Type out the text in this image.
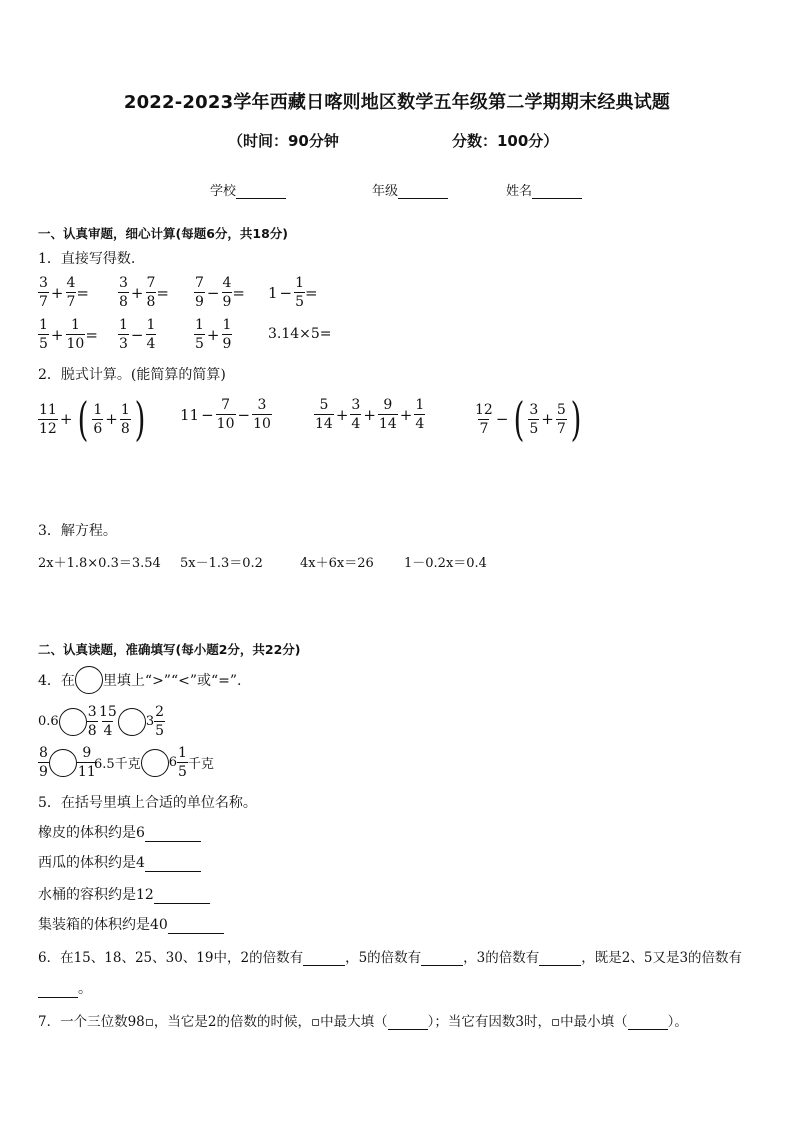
2022-2023学年西藏日喀则地区数学五年级第二学期期末经典试题
（时间：90分钟	分数：100分）
学校	年级	姓名
一、认真审题，细心计算(每题6分，共18分)
1．直接写得数.
$\frac{3}{7} + \frac{4}{7} = \frac{3}{8} + \frac{7}{8} = \frac{7}{9} - \frac{4}{9} = 1 - \frac{1}{5}$ =
$\frac{1}{5} + \frac{1}{10} = \frac{1}{3} - \frac{1}{4}$	$\frac{1}{5} + \frac{1}{9}$	3.14×5=
2．脱式计算。(能简算的简算)
$\frac{11}{12}$ + ( $\frac{1}{6} + \frac{1}{8}$ ) $11 - \frac{7}{10} - \frac{3}{10}$	$\frac{5}{14} + \frac{3}{4} + \frac{9}{14} + \frac{1}{4}$	$\frac{12}{7}$ − ( $\frac{3}{5} + \frac{5}{7}$ )
3．解方程。
2x＋1.8×0.3＝3.54 5x－1.3＝0.2	4x＋6x＝26 1－0.2x＝0.4
二、认真读题，准确填写(每小题2分，共22分)
4．在 里填上“>”“<”或“=”.
$0.6 \frac{3}{8} \frac{15}{4} 3 \frac{2}{5}$
$\frac{8}{9} \frac{9}{11}$
6.5千克 $6 \frac{1}{5}$ 千克
5．在括号里填上合适的单位名称。
橡皮的体积约是6
西瓜的体积约是4
水桶的容积约是12
集装箱的体积约是40
6．在15、18、25、30、19中，2的倍数有	，5的倍数有	，3的倍数有	，既是2、5又是3的倍数有
。
7．一个三位数98▫，当它是2的倍数的时候，▫中最大填（	）；当它有因数3时，▫中最小填（	）。
